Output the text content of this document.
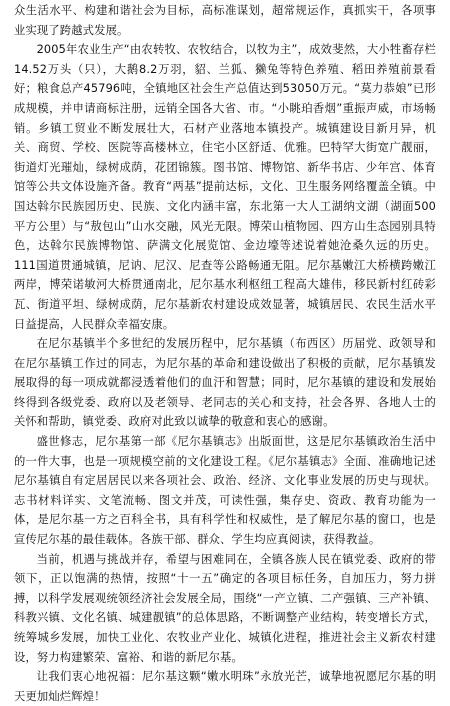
众生活水平、构建和谐社会为目标，高标准谋划，超常规运作，真抓实干，各项事业实现了跨越式发展。

2005年农业生产“由农转牧、农牧结合，以牧为主”，成效斐然，大小牲畜存栏14.52万头（只），大鹅8.2万羽，貂、兰狐、獭兔等特色养殖、稻田养殖前景看好；粮食总产45796吨，全镇地区社会生产总值达到53050万元。“莫力恭娘”已形成规模，并申请商标注册，远销全国各大省、市。“小眺珀香烟”重振声威，市场畅销。乡镇工贸业不断发展壮大，石材产业落地本镇投产。城镇建设目新月异，机关、商贸、学校、医院等高楼林立，住宅小区舒适、优雅。巴特罕大街宽广靓丽，街道灯光璀灿，绿树成荫，花团锦簇。图书馆、博物馆、新华书店、少年宫、体育馆等公共文体设施齐备。教育“两基”提前达标，文化、卫生服务网络覆盖全镇。中国达斡尔民族园历史、民族、文化内涵丰富，东北第一大人工湖纳文湖（湖面500平方公里）与“敖包山”山水交融，风光无限。博荣山植物园、四方山生态园别具特色，达斡尔民族博物馆、萨满文化展览馆、金边壕等述说着她沧桑久远的历史。111国道贯通城镇，尼讷、尼汉、尼查等公路畅通无阻。尼尔基嫩江大桥横跨嫩江两岸，博荣诺敏河大桥贯通南北，尼尔基水利枢纽工程高大雄伟，移民新村红砖彩瓦、街道平坦、绿树成荫，尼尔基新农村建设成效显著，城镇居民、农民生活水平日益提高，人民群众幸福安康。

在尼尔基镇半个多世纪的发展历程中，尼尔基镇（布西区）历届党、政领导和在尼尔基镇工作过的同志，为尼尔基的革命和建设做出了积极的贡献，尼尔基镇发展取得的每一项成就都浸透着他们的血汗和智慧；同时，尼尔基镇的建设和发展始终得到各级党委、政府以及老领导、老同志的关心和支持，社会各界、各地人士的关怀和帮助，镇党委、政府对此致以诚挚的敬意和衷心的感谢。

盛世修志，尼尔基第一部《尼尔基镇志》出版面世，这是尼尔基镇政治生活中的一件大事，也是一项规模空前的文化建设工程。《尼尔基镇志》全面、准确地记述尼尔基镇自有定居居民以来各项社会、政治、经济、文化事业发展的历史与现状。志书材料详实、文笔流畅、图文并茂，可读性强，集存史、资政、教育功能为一体，是尼尔基一方之百科全书，具有科学性和权威性，是了解尼尔基的窗口，也是宣传尼尔基的最佳载体。各族干部、群众、学生均应真阅读，获得教益。

当前，机遇与挑战并存，希望与困难同在，全镇各族人民在镇党委、政府的带领下，正以饱满的热情，按照“十一五”确定的各项目标任务，自加压力，努力拼搏，以科学发展观统领经济社会发展全局，围绕“一产立镇、二产强镇、三产补镇、科教兴镇、文化名镇、城建靓镇”的总体思路，不断调整产业结构，转变增长方式，统筹城乡发展，加快工业化、农牧业产业化、城镇化进程，推进社会主义新农村建设，努力构建繁荣、富裕、和谐的新尼尔基。

让我们衷心地祝福：尼尔基这颗“嫩水明珠”永放光芒，诚挚地祝愿尼尔基的明天更加灿烂辉煌！
